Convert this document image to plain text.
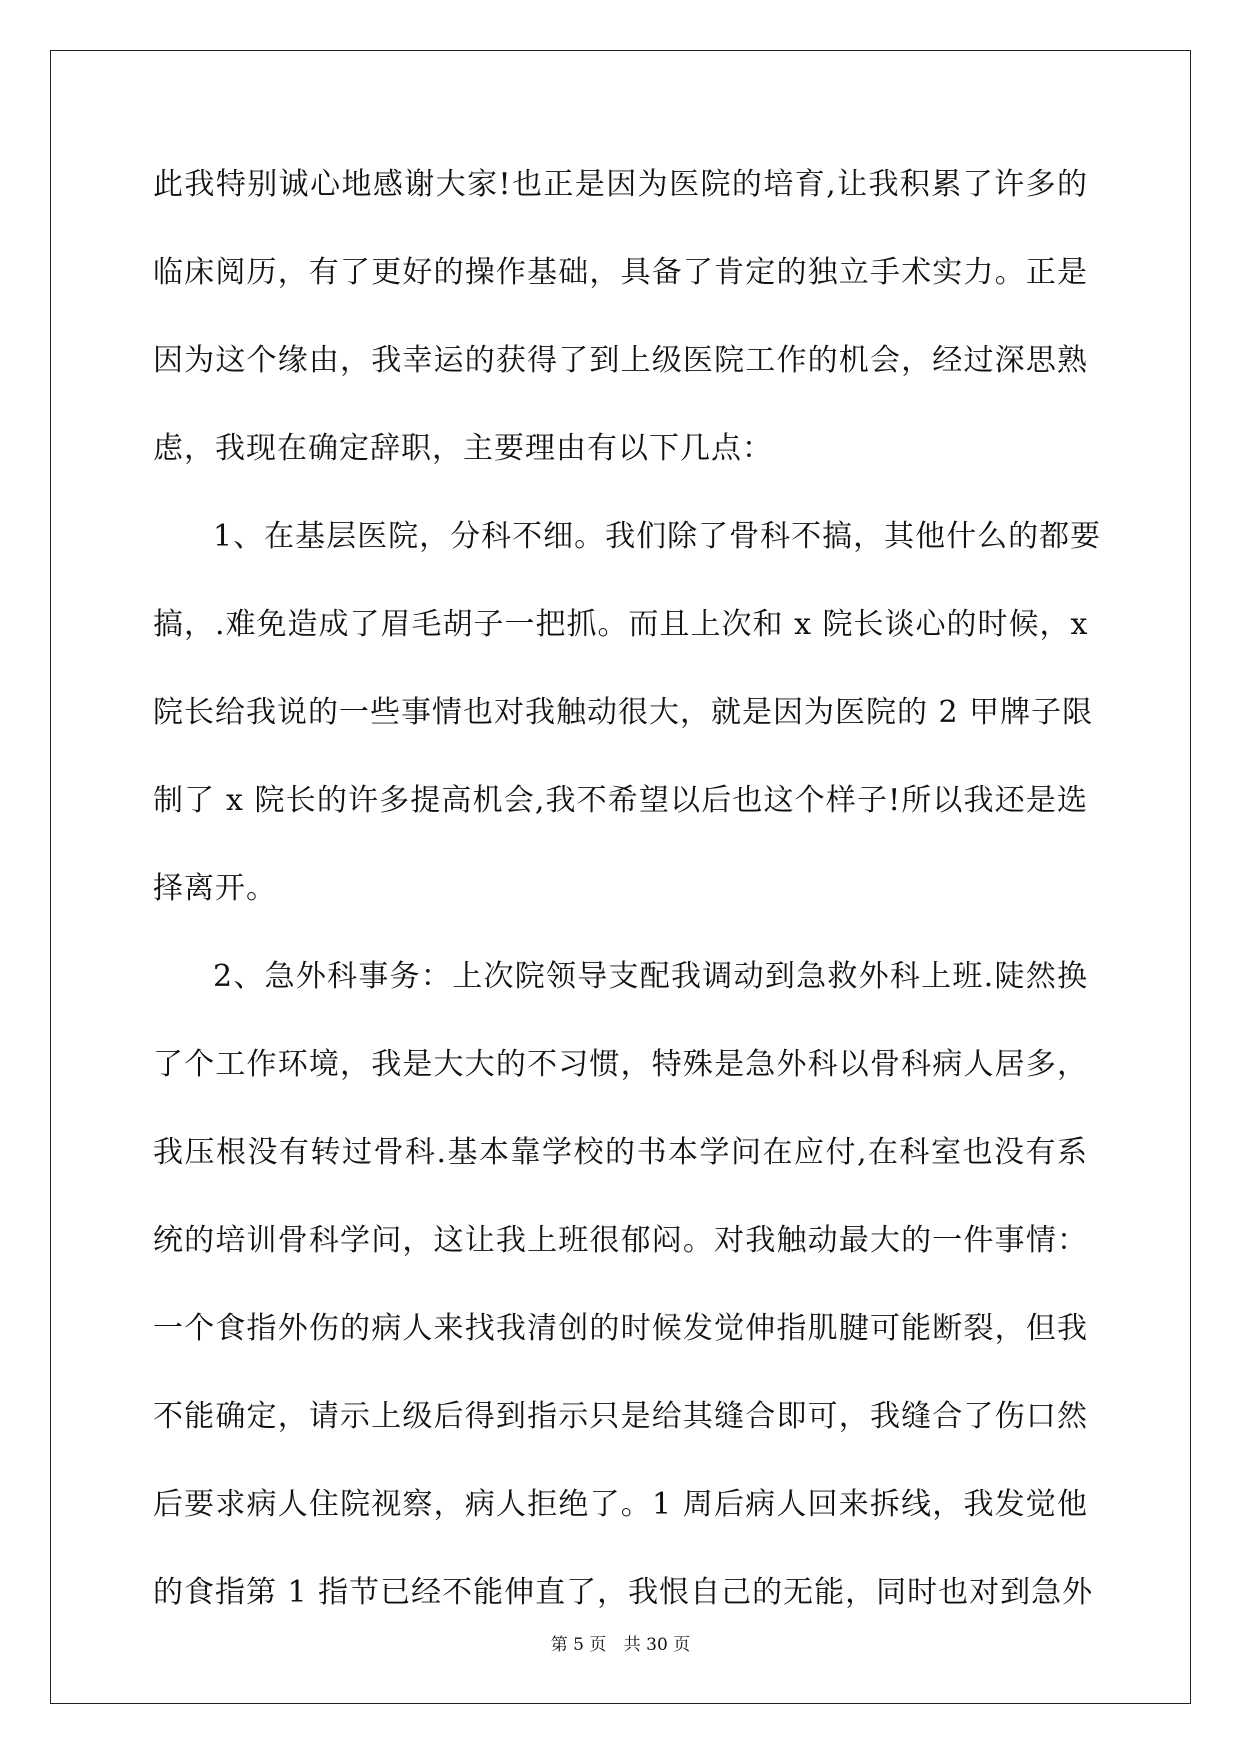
此我特别诚心地感谢大家!也正是因为医院的培育,让我积累了许多的
临床阅历，有了更好的操作基础，具备了肯定的独立手术实力。正是
因为这个缘由，我幸运的获得了到上级医院工作的机会，经过深思熟
虑，我现在确定辞职，主要理由有以下几点：
1、在基层医院，分科不细。我们除了骨科不搞，其他什么的都要
搞，.难免造成了眉毛胡子一把抓。而且上次和 x 院长谈心的时候，x
院长给我说的一些事情也对我触动很大，就是因为医院的 2 甲牌子限
制了 x 院长的许多提高机会,我不希望以后也这个样子!所以我还是选
择离开。
2、急外科事务：上次院领导支配我调动到急救外科上班.陡然换
了个工作环境，我是大大的不习惯，特殊是急外科以骨科病人居多，
我压根没有转过骨科.基本靠学校的书本学问在应付,在科室也没有系
统的培训骨科学问，这让我上班很郁闷。对我触动最大的一件事情：
一个食指外伤的病人来找我清创的时候发觉伸指肌腱可能断裂，但我
不能确定，请示上级后得到指示只是给其缝合即可，我缝合了伤口然
后要求病人住院视察，病人拒绝了。1 周后病人回来拆线，我发觉他
的食指第 1 指节已经不能伸直了，我恨自己的无能，同时也对到急外
第 5 页 共 30 页
